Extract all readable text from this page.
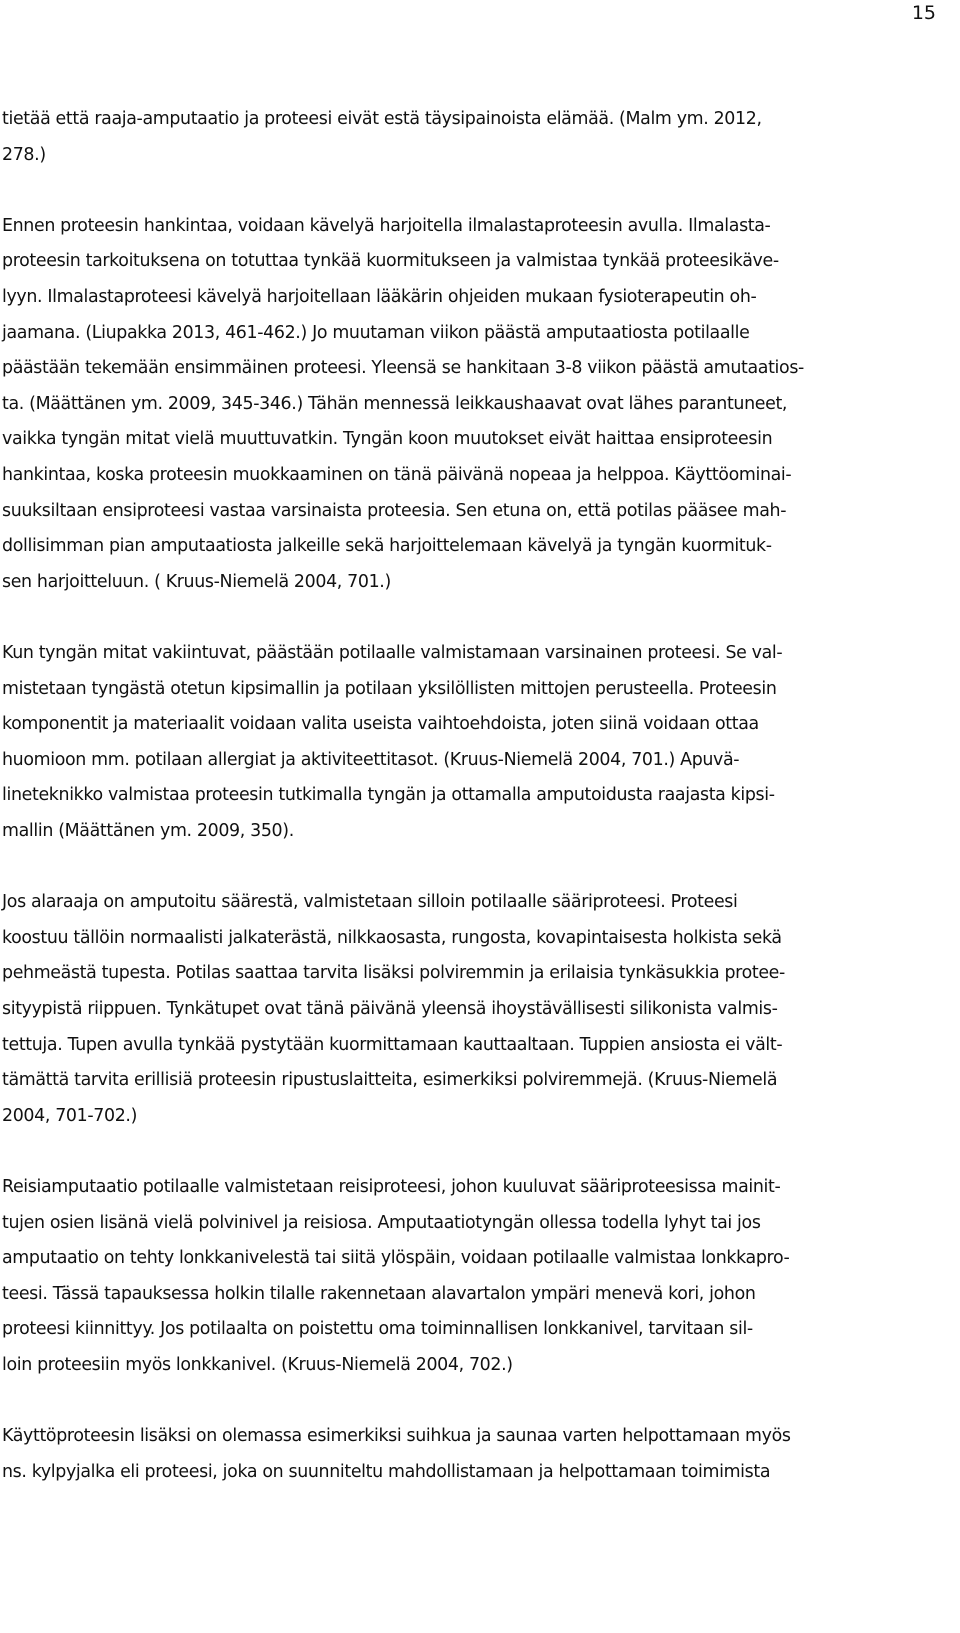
15
tietää että raaja-amputaatio ja proteesi eivät estä täysipainoista elämää. (Malm ym. 2012,
278.)
Ennen proteesin hankintaa, voidaan kävelyä harjoitella ilmalastaproteesin avulla. Ilmalasta-
proteesin tarkoituksena on totuttaa tynkää kuormitukseen ja valmistaa tynkää proteesikäve-
lyyn. Ilmalastaproteesi kävelyä harjoitellaan lääkärin ohjeiden mukaan fysioterapeutin oh-
jaamana. (Liupakka 2013, 461-462.) Jo muutaman viikon päästä amputaatiosta potilaalle
päästään tekemään ensimmäinen proteesi. Yleensä se hankitaan 3-8 viikon päästä amutaatios-
ta. (Määttänen ym. 2009, 345-346.) Tähän mennessä leikkaushaavat ovat lähes parantuneet,
vaikka tyngän mitat vielä muuttuvatkin. Tyngän koon muutokset eivät haittaa ensiproteesin
hankintaa, koska proteesin muokkaaminen on tänä päivänä nopeaa ja helppoa. Käyttöominai-
suuksiltaan ensiproteesi vastaa varsinaista proteesia. Sen etuna on, että potilas pääsee mah-
dollisimman pian amputaatiosta jalkeille sekä harjoittelemaan kävelyä ja tyngän kuormituk-
sen harjoitteluun. ( Kruus-Niemelä 2004, 701.)
Kun tyngän mitat vakiintuvat, päästään potilaalle valmistamaan varsinainen proteesi. Se val-
mistetaan tyngästä otetun kipsimallin ja potilaan yksilöllisten mittojen perusteella. Proteesin
komponentit ja materiaalit voidaan valita useista vaihtoehdoista, joten siinä voidaan ottaa
huomioon mm. potilaan allergiat ja aktiviteettitasot. (Kruus-Niemelä 2004, 701.) Apuvä-
lineteknikko valmistaa proteesin tutkimalla tyngän ja ottamalla amputoidusta raajasta kipsi-
mallin (Määttänen ym. 2009, 350).
Jos alaraaja on amputoitu säärestä, valmistetaan silloin potilaalle sääriproteesi. Proteesi
koostuu tällöin normaalisti jalkaterästä, nilkkaosasta, rungosta, kovapintaisesta holkista sekä
pehmeästä tupesta. Potilas saattaa tarvita lisäksi polviremmin ja erilaisia tynkäsukkia protee-
sityypistä riippuen. Tynkätupet ovat tänä päivänä yleensä ihoystävällisesti silikonista valmis-
tettuja. Tupen avulla tynkää pystytään kuormittamaan kauttaaltaan. Tuppien ansiosta ei vält-
tämättä tarvita erillisiä proteesin ripustuslaitteita, esimerkiksi polviremmejä. (Kruus-Niemelä
2004, 701-702.)
Reisiamputaatio potilaalle valmistetaan reisiproteesi, johon kuuluvat sääriproteesissa mainit-
tujen osien lisänä vielä polvinivel ja reisiosa. Amputaatiotyngän ollessa todella lyhyt tai jos
amputaatio on tehty lonkkanivelestä tai siitä ylöspäin, voidaan potilaalle valmistaa lonkkapro-
teesi. Tässä tapauksessa holkin tilalle rakennetaan alavartalon ympäri menevä kori, johon
proteesi kiinnittyy. Jos potilaalta on poistettu oma toiminnallisen lonkkanivel, tarvitaan sil-
loin proteesiin myös lonkkanivel. (Kruus-Niemelä 2004, 702.)
Käyttöproteesin lisäksi on olemassa esimerkiksi suihkua ja saunaa varten helpottamaan myös
ns. kylpyjalka eli proteesi, joka on suunniteltu mahdollistamaan ja helpottamaan toimimista
